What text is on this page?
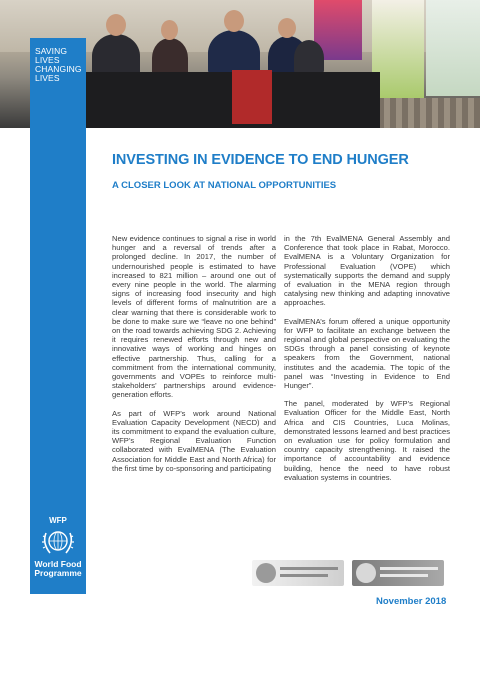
SAVING
LIVES
CHANGING
LIVES
WFP
World Food
Programme
INVESTING IN EVIDENCE TO END HUNGER
A CLOSER LOOK AT NATIONAL OPPORTUNITIES

New evidence continues to signal a rise in world hunger and a reversal of trends after a prolonged decline. In 2017, the number of undernourished people is estimated to have increased to 821 million – around one out of every nine people in the world. The alarming signs of increasing food insecurity and high levels of different forms of malnutrition are a clear warning that there is considerable work to be done to make sure we “leave no one behind” on the road towards achieving SDG 2. Achieving it requires renewed efforts through new and innovative ways of working and hinges on effective partnership. Thus, calling for a commitment from the international community, governments and VOPEs to reinforce multi-stakeholders’ partnerships around evidence-generation efforts.

As part of WFP’s work around National Evaluation Capacity Development (NECD) and its commitment to expand the evaluation culture, WFP’s Regional Evaluation Function collaborated with EvalMENA (The Evaluation Association for Middle East and North Africa) for the first time by co-sponsoring and participating

in the 7th EvalMENA General Assembly and Conference that took place in Rabat, Morocco. EvalMENA is a Voluntary Organization for Professional Evaluation (VOPE) which systematically supports the demand and supply of evaluation in the MENA region through catalysing new thinking and adapting innovative approaches.

EvalMENA’s forum offered a unique opportunity for WFP to facilitate an exchange between the regional and global perspective on evaluating the SDGs through a panel consisting of keynote speakers from the Government, national institutes and the academia. The topic of the panel was “Investing in Evidence to End Hunger”.

The panel, moderated by WFP’s Regional Evaluation Officer for the Middle East, North Africa and CIS Countries, Luca Molinas, demonstrated lessons learned and best practices on evaluation use for policy formulation and country capacity strengthening. It raised the importance of accountability and evidence building, hence the need to have robust evaluation systems in countries.

November 2018
